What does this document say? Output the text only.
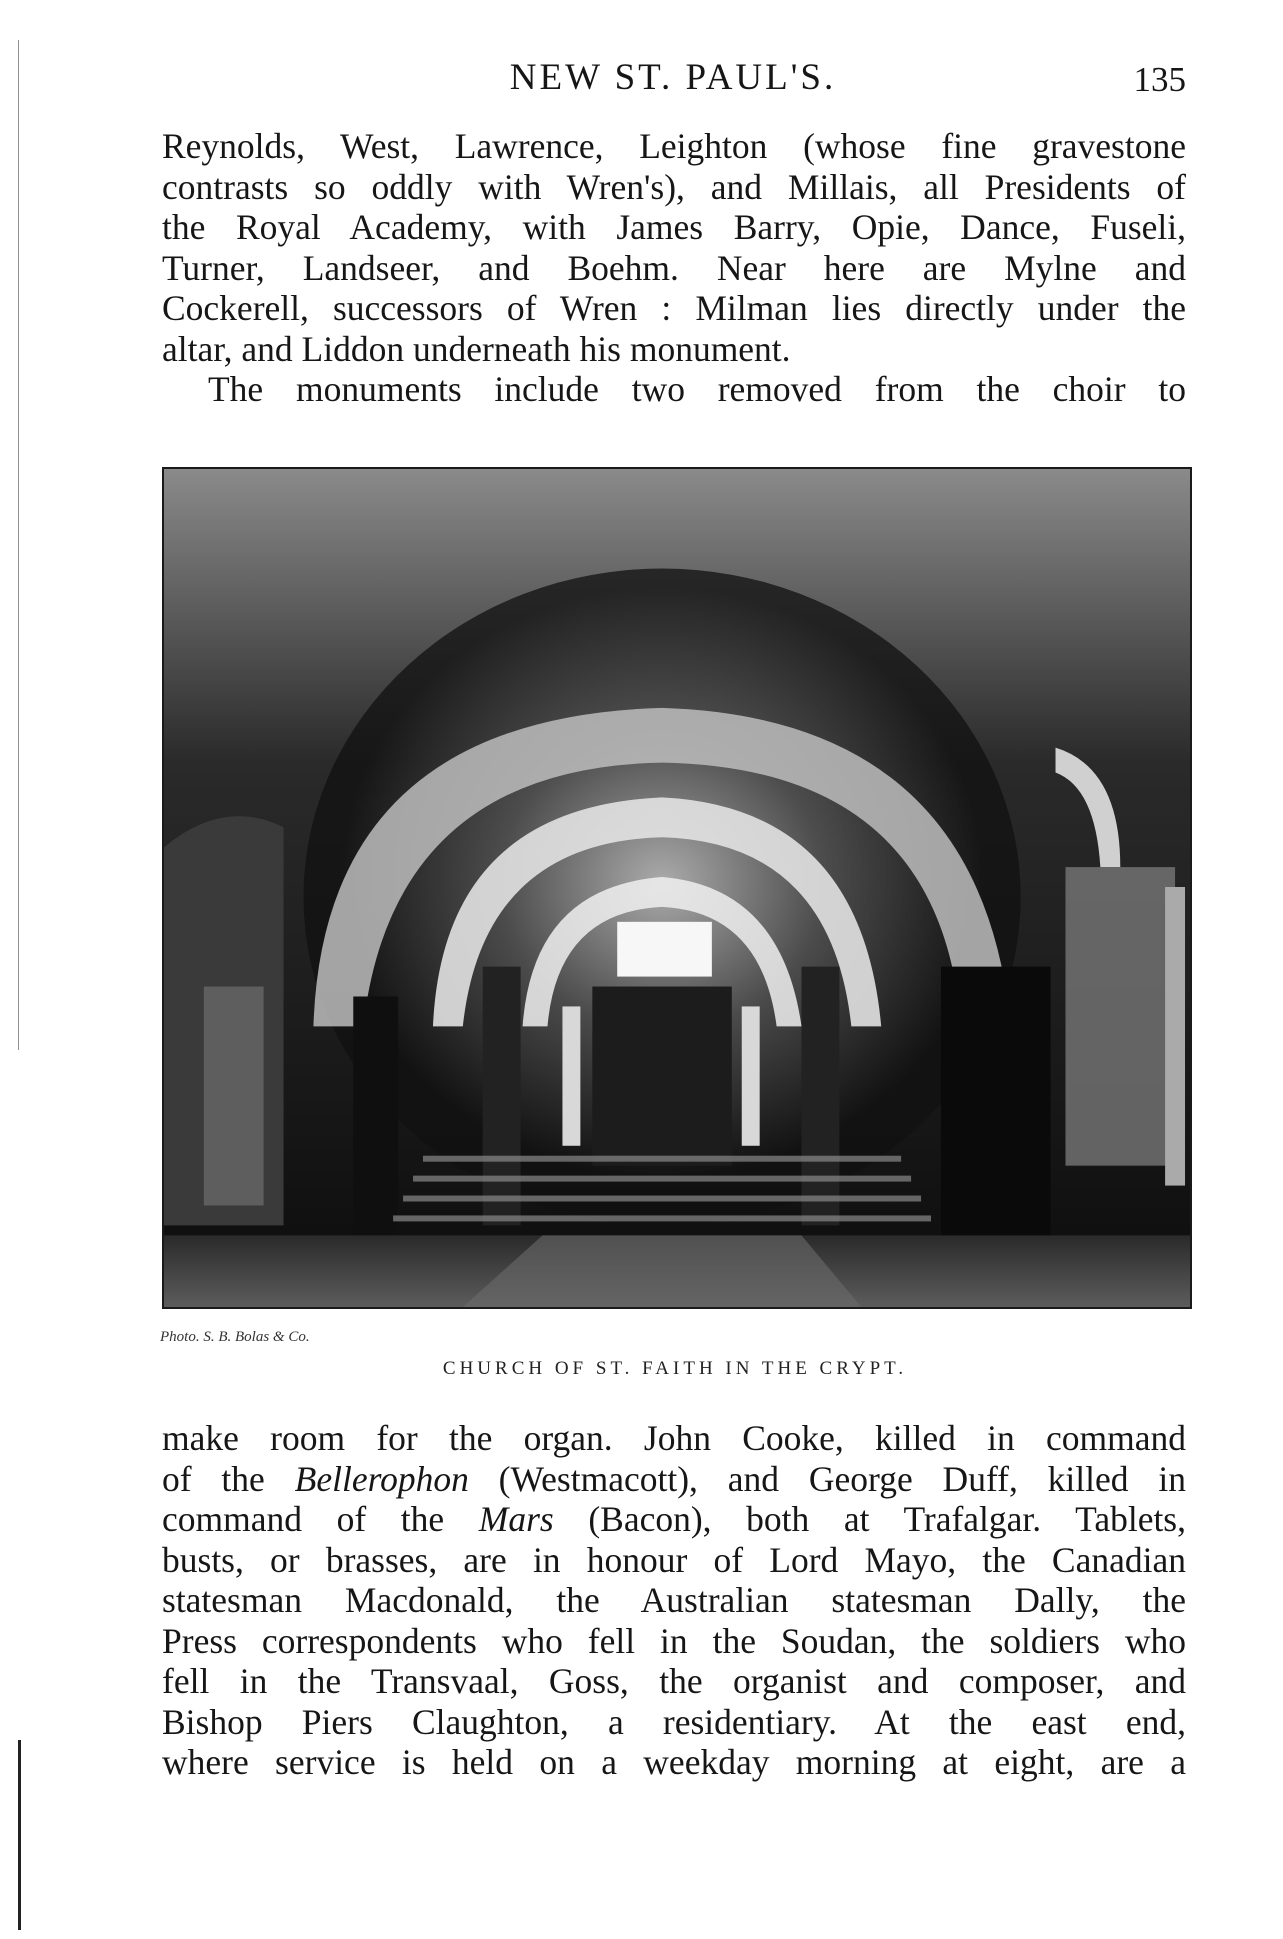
NEW ST. PAUL'S.	135
Reynolds, West, Lawrence, Leighton (whose fine gravestone
contrasts so oddly with Wren's), and Millais, all Presidents of
the Royal Academy, with James Barry, Opie, Dance, Fuseli,
Turner, Landseer, and Boehm. Near here are Mylne and
Cockerell, successors of Wren : Milman lies directly under the
altar, and Liddon underneath his monument.
The monuments include two removed from the choir to
Photo. S. B. Bolas & Co.
CHURCH OF ST. FAITH IN THE CRYPT.
make room for the organ. John Cooke, killed in command
of the Bellerophon (Westmacott), and George Duff, killed in
command of the Mars (Bacon), both at Trafalgar. Tablets,
busts, or brasses, are in honour of Lord Mayo, the Canadian
statesman Macdonald, the Australian statesman Dally, the
Press correspondents who fell in the Soudan, the soldiers who
fell in the Transvaal, Goss, the organist and composer, and
Bishop Piers Claughton, a residentiary. At the east end,
where service is held on a weekday morning at eight, are a
